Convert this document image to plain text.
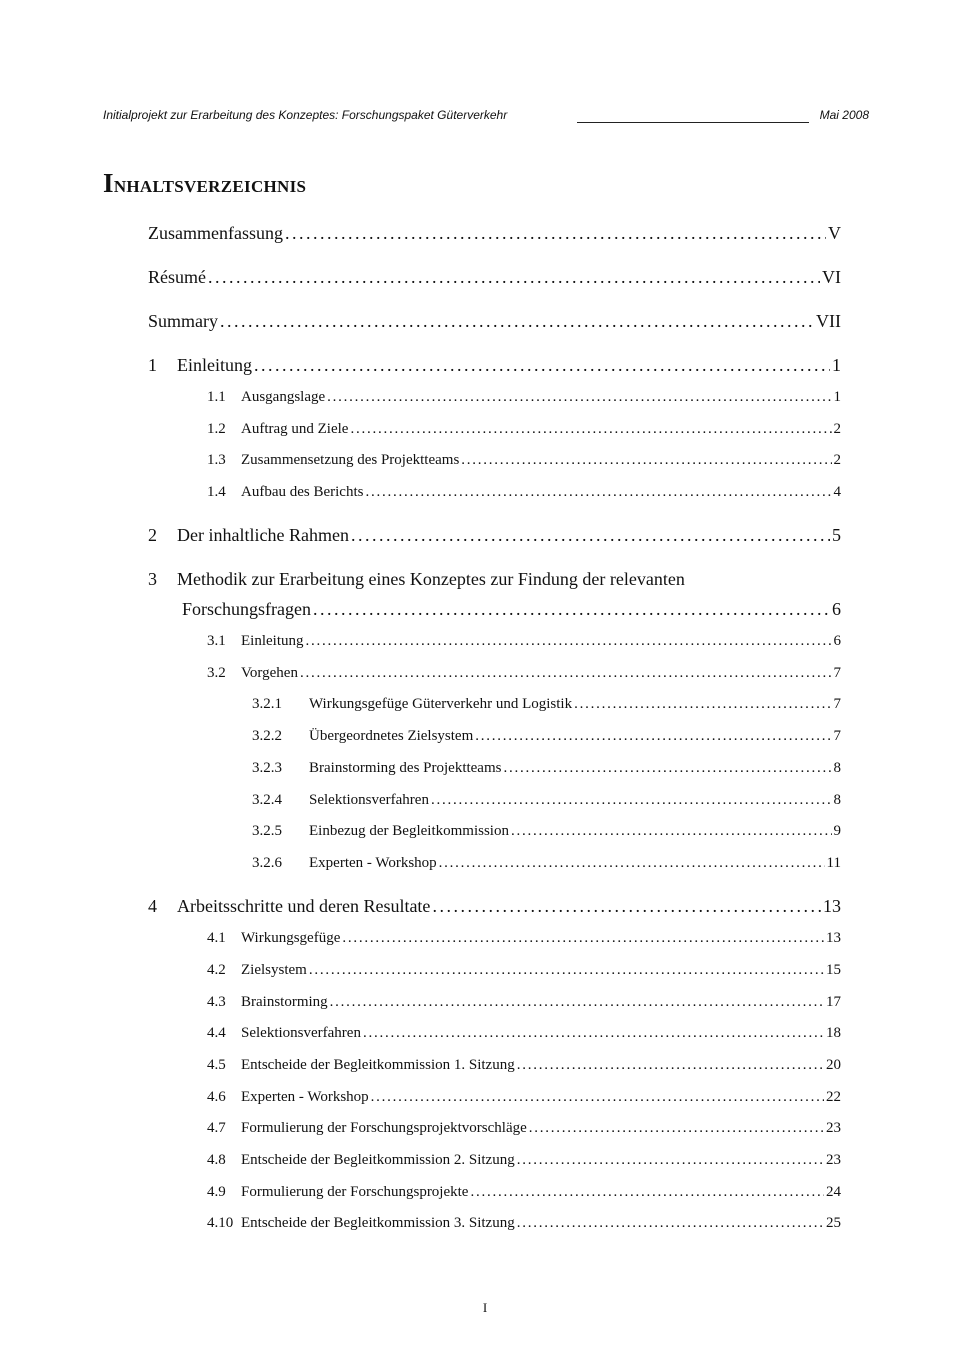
Initialprojekt zur Erarbeitung des Konzeptes: Forschungspaket Güterverkehr	Mai 2008
INHALTSVERZEICHNIS
Zusammenfassung . . .	V
Résumé . . .	VI
Summary . . .	VII
1	Einleitung . . .	1
1.1	Ausgangslage . . .	1
1.2	Auftrag und Ziele . . .	2
1.3	Zusammensetzung des Projektteams . . .	2
1.4	Aufbau des Berichts . . .	4
2	Der inhaltliche Rahmen . . .	5
3	Methodik zur Erarbeitung eines Konzeptes zur Findung der relevanten
Forschungsfragen . . .	6
3.1	Einleitung . . .	6
3.2	Vorgehen . . .	7
3.2.1	Wirkungsgefüge Güterverkehr und Logistik . . .	7
3.2.2	Übergeordnetes Zielsystem . . .	7
3.2.3	Brainstorming des Projektteams . . .	8
3.2.4	Selektionsverfahren . . .	8
3.2.5	Einbezug der Begleitkommission . . .	9
3.2.6	Experten - Workshop . . .	11
4	Arbeitsschritte und deren Resultate . . .	13
4.1	Wirkungsgefüge . . .	13
4.2	Zielsystem . . .	15
4.3	Brainstorming . . .	17
4.4	Selektionsverfahren . . .	18
4.5	Entscheide der Begleitkommission 1. Sitzung . . .	20
4.6	Experten - Workshop . . .	22
4.7	Formulierung der Forschungsprojektvorschläge . . .	23
4.8	Entscheide der Begleitkommission 2. Sitzung . . .	23
4.9	Formulierung der Forschungsprojekte . . .	24
4.10 Entscheide der Begleitkommission 3. Sitzung . . .	25
I
